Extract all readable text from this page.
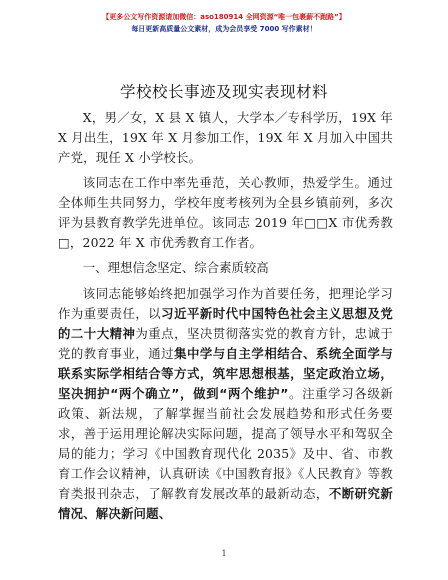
【更多公文写作资源请加微信：aso180914 全网资源“唯一包裹薪不跑路”】
每日更新高质量公文素材，成为会员享受 7000 写作素材！
学校校长事迹及现实表现材料

X，男／女，X 县 X 镇人，大学本／专科学历，19X 年 X 月出生，19X 年 X 月参加工作，19X 年 X 月加入中国共产党，现任 X 小学校长。

该同志在工作中率先垂范，关心教师，热爱学生。通过全体师生共同努力，学校年度考核列为全县乡镇前列，多次评为县教育教学先进单位。该同志 2019 年□□X 市优秀教□，2022 年 X 市优秀教育工作者。

一、理想信念坚定、综合素质较高

该同志能够始终把加强学习作为首要任务，把理论学习作为重要责任，以习近平新时代中国特色社会主义思想及党的二十大精神为重点，坚决贯彻落实党的教育方针，忠诚于党的教育事业，通过集中学与自主学相结合、系统全面学与联系实际学相结合等方式，筑牢思想根基，坚定政治立场，坚决拥护“两个确立”，做到“两个维护”。注重学习各级新政策、新法规，了解掌握当前社会发展趋势和形式任务要求，善于运用理论解决实际问题，提高了领导水平和驾驭全局的能力；学习《中国教育现代化 2035》及中、省、市教育工作会议精神，认真研读《中国教育报》《人民教育》等教育类报刊杂志，了解教育发展改革的最新动态，不断研究新情况、解决新问题、

1
